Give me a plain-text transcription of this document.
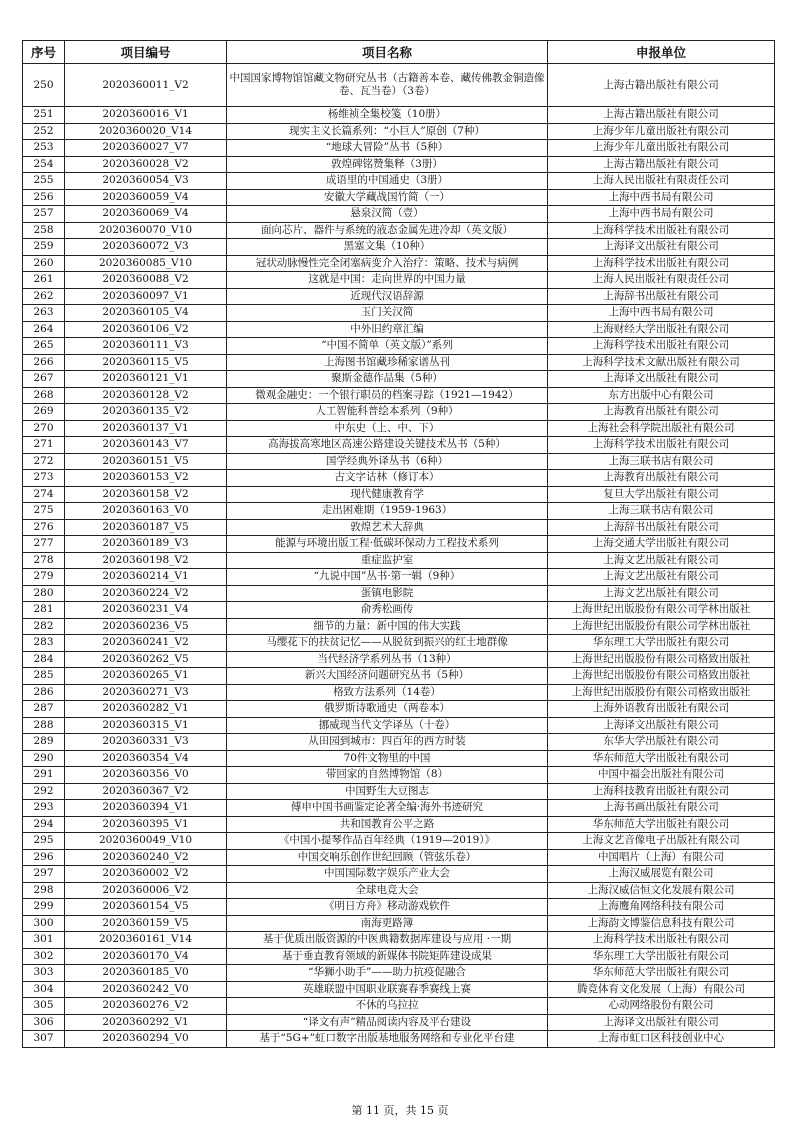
序号	项目编号	项目名称	申报单位
250	2020360011_V2	中国国家博物馆馆藏文物研究丛书（古籍善本卷、藏传佛教金铜造像卷、瓦当卷）（3卷）	上海古籍出版社有限公司
251	2020360016_V1	杨维祯全集校笺（10册）	上海古籍出版社有限公司
252	2020360020_V14	现实主义长篇系列：“小巨人”原创（7种）	上海少年儿童出版社有限公司
253	2020360027_V7	“地球大冒险”丛书（5种）	上海少年儿童出版社有限公司
254	2020360028_V2	敦煌碑铭赞集释（3册）	上海古籍出版社有限公司
255	2020360054_V3	成语里的中国通史（3册）	上海人民出版社有限责任公司
256	2020360059_V4	安徽大学藏战国竹简（一）	上海中西书局有限公司
257	2020360069_V4	悬泉汉简（壹）	上海中西书局有限公司
258	2020360070_V10	面向芯片、器件与系统的液态金属先进冷却（英文版）	上海科学技术出版社有限公司
259	2020360072_V3	黑塞文集（10种）	上海译文出版社有限公司
260	2020360085_V10	冠状动脉慢性完全闭塞病变介入治疗：策略、技术与病例	上海科学技术出版社有限公司
261	2020360088_V2	这就是中国：走向世界的中国力量	上海人民出版社有限责任公司
262	2020360097_V1	近现代汉语辞源	上海辞书出版社有限公司
263	2020360105_V4	玉门关汉简	上海中西书局有限公司
264	2020360106_V2	中外旧约章汇编	上海财经大学出版社有限公司
265	2020360111_V3	“中国不简单（英文版）”系列	上海科学技术出版社有限公司
266	2020360115_V5	上海图书馆藏珍稀家谱丛刊	上海科学技术文献出版社有限公司
267	2020360121_V1	聚斯金德作品集（5种）	上海译文出版社有限公司
268	2020360128_V2	微观金融史：一个银行职员的档案寻踪（1921—1942）	东方出版中心有限公司
269	2020360135_V2	人工智能科普绘本系列（9种）	上海教育出版社有限公司
270	2020360137_V1	中东史（上、中、下）	上海社会科学院出版社有限公司
271	2020360143_V7	高海拔高寒地区高速公路建设关键技术丛书（5种）	上海科学技术出版社有限公司
272	2020360151_V5	国学经典外译丛书（6种）	上海三联书店有限公司
273	2020360153_V2	古文字诂林（修订本）	上海教育出版社有限公司
274	2020360158_V2	现代健康教育学	复旦大学出版社有限公司
275	2020360163_V0	走出困难期（1959-1963）	上海三联书店有限公司
276	2020360187_V5	敦煌艺术大辞典	上海辞书出版社有限公司
277	2020360189_V3	能源与环境出版工程·低碳环保动力工程技术系列	上海交通大学出版社有限公司
278	2020360198_V2	重症监护室	上海文艺出版社有限公司
279	2020360214_V1	“九说中国”丛书·第一辑（9种）	上海文艺出版社有限公司
280	2020360224_V2	蛋镇电影院	上海文艺出版社有限公司
281	2020360231_V4	俞秀松画传	上海世纪出版股份有限公司学林出版社
282	2020360236_V5	细节的力量：新中国的伟大实践	上海世纪出版股份有限公司学林出版社
283	2020360241_V2	马缨花下的扶贫记忆——从脱贫到振兴的红土地群像	华东理工大学出版社有限公司
284	2020360262_V5	当代经济学系列丛书（13种）	上海世纪出版股份有限公司格致出版社
285	2020360265_V1	新兴大国经济问题研究丛书（5种）	上海世纪出版股份有限公司格致出版社
286	2020360271_V3	格致方法系列（14卷）	上海世纪出版股份有限公司格致出版社
287	2020360282_V1	俄罗斯诗歌通史（两卷本）	上海外语教育出版社有限公司
288	2020360315_V1	挪威现当代文学译丛（十卷）	上海译文出版社有限公司
289	2020360331_V3	从田园到城市：四百年的西方时装	东华大学出版社有限公司
290	2020360354_V4	70件文物里的中国	华东师范大学出版社有限公司
291	2020360356_V0	带回家的自然博物馆（8）	中国中福会出版社有限公司
292	2020360367_V2	中国野生大豆图志	上海科技教育出版社有限公司
293	2020360394_V1	傅申中国书画鉴定论著全编·海外书迹研究	上海书画出版社有限公司
294	2020360395_V1	共和国教育公平之路	华东师范大学出版社有限公司
295	2020360049_V10	《中国小提琴作品百年经典（1919—2019）》	上海文艺音像电子出版社有限公司
296	2020360240_V2	中国交响乐创作世纪回顾（管弦乐卷）	中国唱片（上海）有限公司
297	2020360002_V2	中国国际数字娱乐产业大会	上海汉威展览有限公司
298	2020360006_V2	全球电竞大会	上海汉威信恒文化发展有限公司
299	2020360154_V5	《明日方舟》移动游戏软件	上海鹰角网络科技有限公司
300	2020360159_V5	南海更路簿	上海韵文博鉴信息科技有限公司
301	2020360161_V14	基于优质出版资源的中医典籍数据库建设与应用 ·一期	上海科学技术出版社有限公司
302	2020360170_V4	基于垂直教育领域的新媒体书院矩阵建设成果	华东理工大学出版社有限公司
303	2020360185_V0	“华狮小助手”——助力抗疫促融合	华东师范大学出版社有限公司
304	2020360242_V0	英雄联盟中国职业联赛春季赛线上赛	腾竞体育文化发展（上海）有限公司
305	2020360276_V2	不休的乌拉拉	心动网络股份有限公司
306	2020360292_V1	“译文有声”精品阅读内容及平台建设	上海译文出版社有限公司
307	2020360294_V0	基于“5G+”虹口数字出版基地服务网络和专业化平台建	上海市虹口区科技创业中心
第 11 页，共 15 页
